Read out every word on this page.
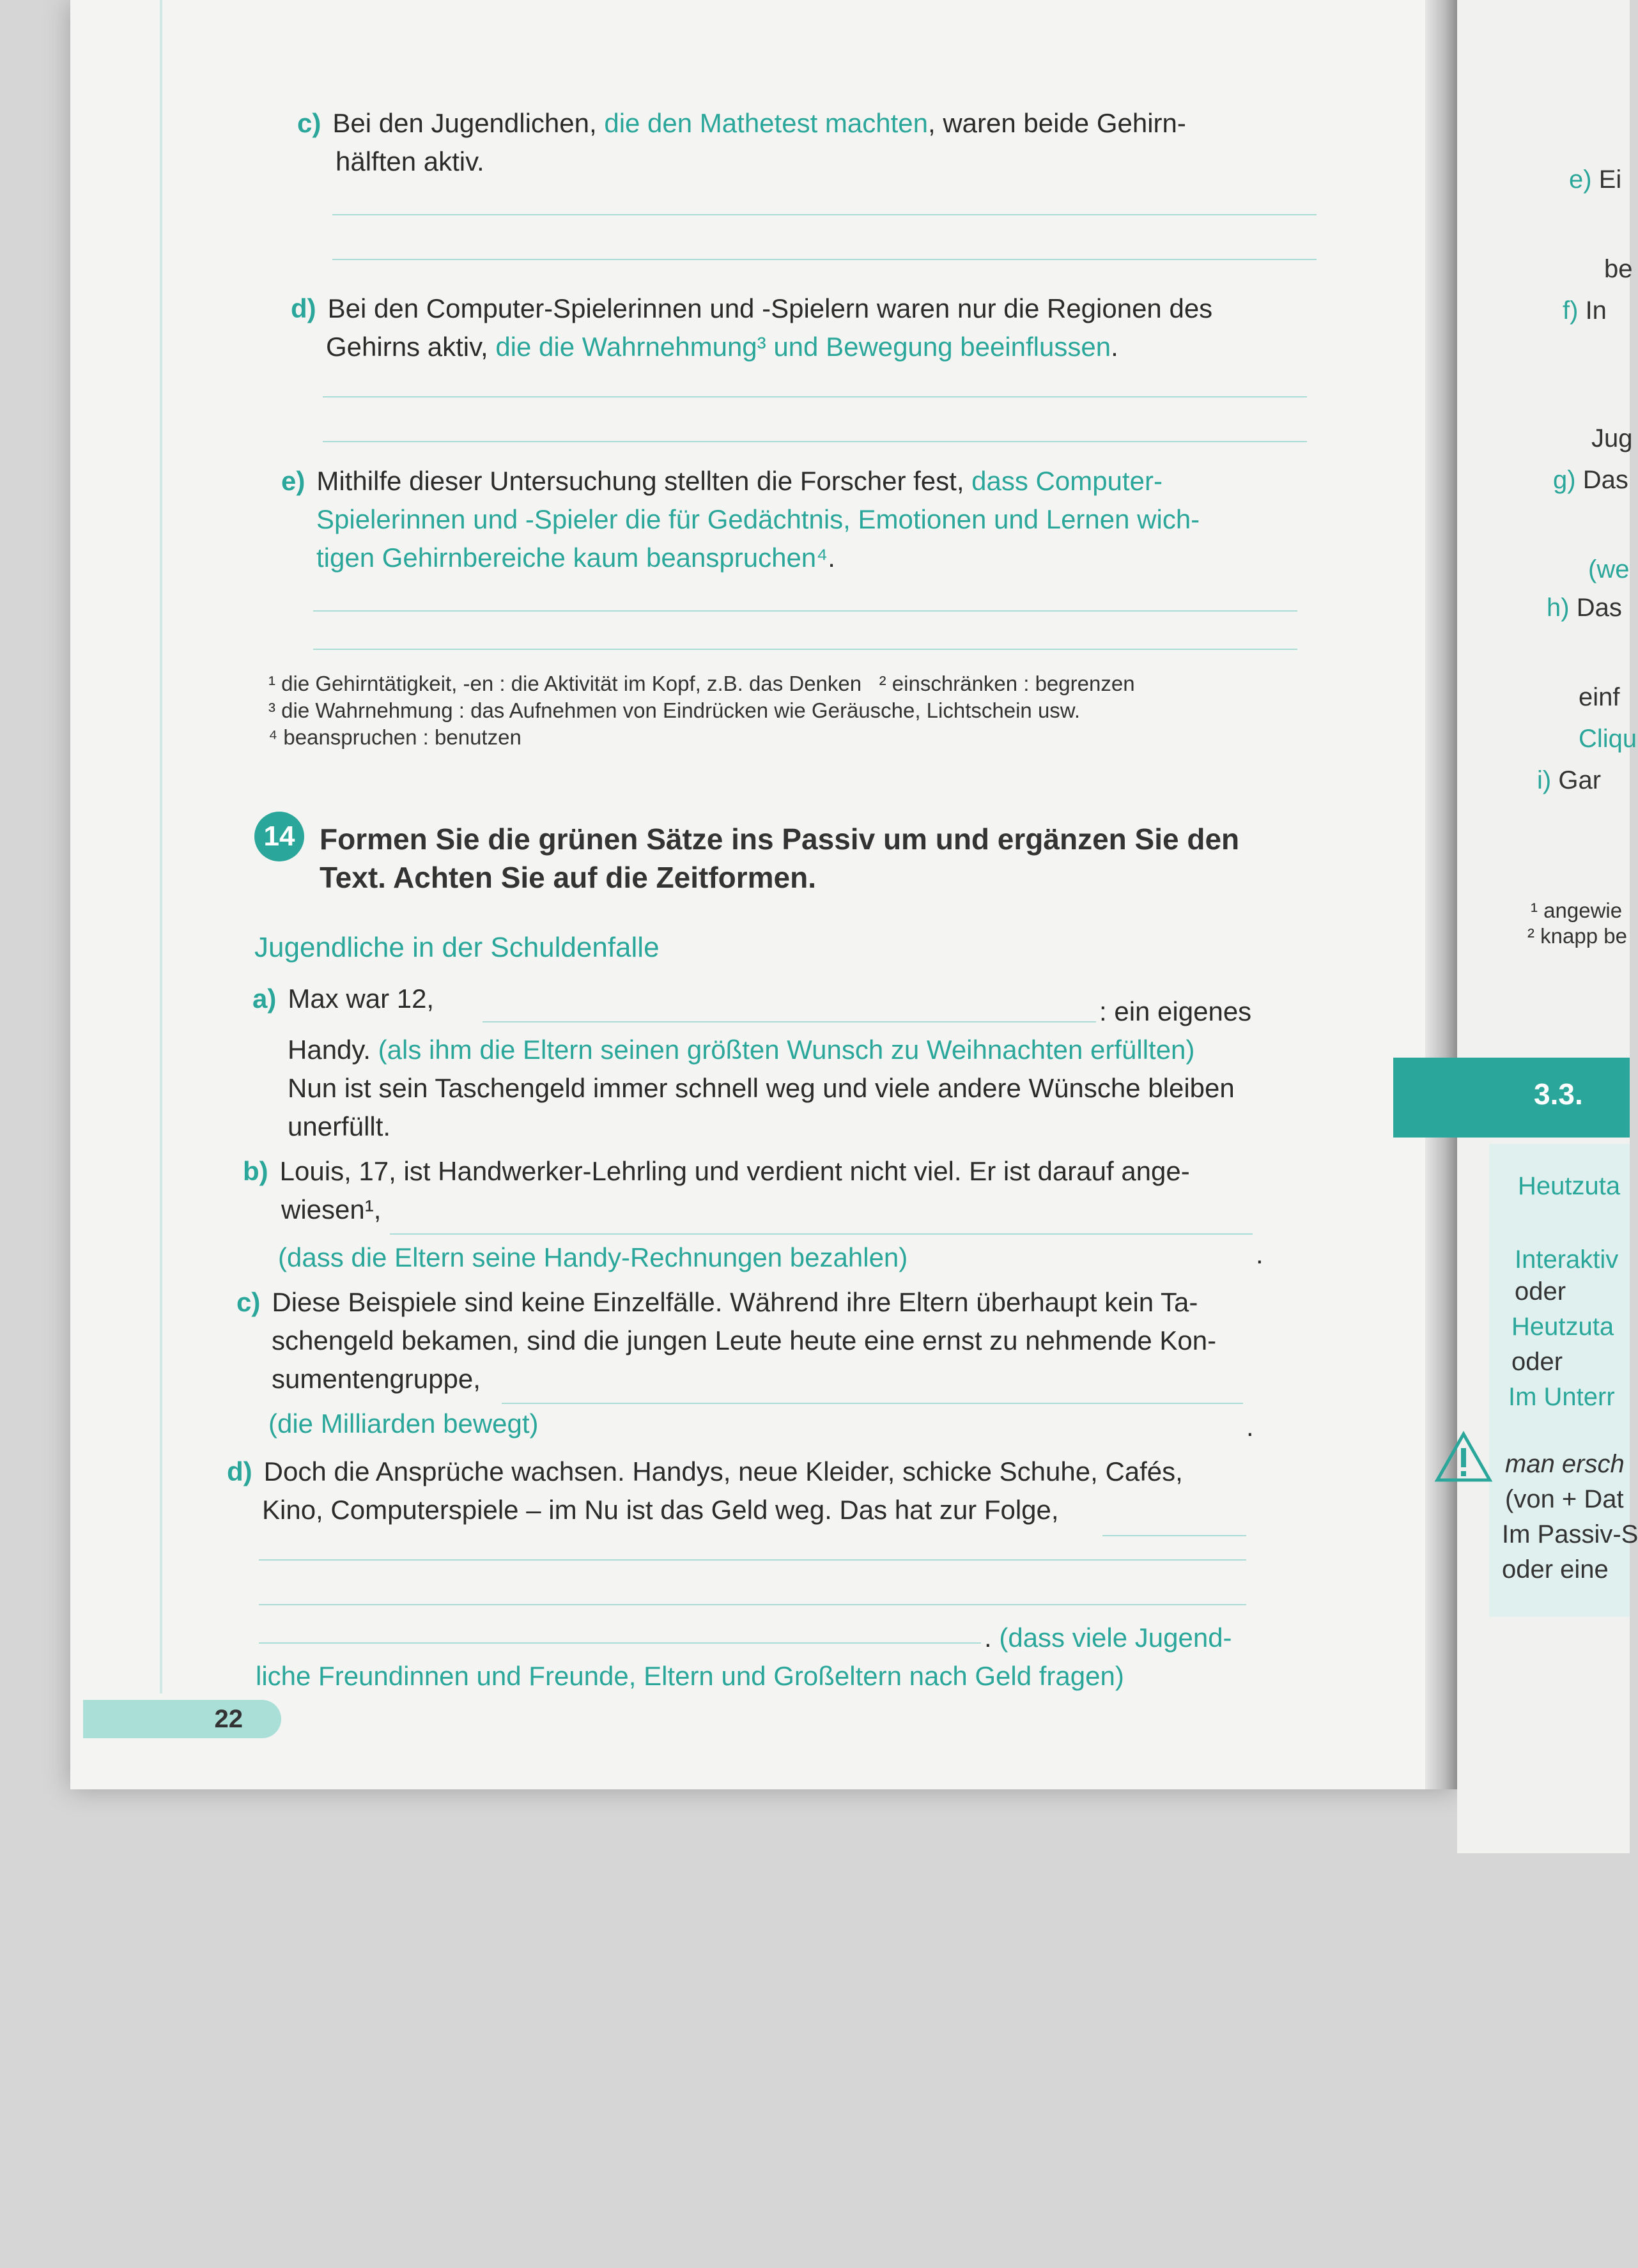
c) Bei den Jugendlichen, die den Mathetest machten, waren beide Gehirn-
hälften aktiv.
d) Bei den Computer-Spielerinnen und -Spielern waren nur die Regionen des
Gehirns aktiv, die die Wahrnehmung³ und Bewegung beeinflussen.
e) Mithilfe dieser Untersuchung stellten die Forscher fest, dass Computer-
Spielerinnen und -Spieler die für Gedächtnis, Emotionen und Lernen wich-
tigen Gehirnbereiche kaum beanspruchen⁴.
¹ die Gehirntätigkeit, -en : die Aktivität im Kopf, z.B. das Denken ² einschränken : begrenzen
³ die Wahrnehmung : das Aufnehmen von Eindrücken wie Geräusche, Lichtschein usw.
⁴ beanspruchen : benutzen
14 Formen Sie die grünen Sätze ins Passiv um und ergänzen Sie den
Text. Achten Sie auf die Zeitformen.
Jugendliche in der Schuldenfalle
a) Max war 12,	: ein eigenes
Handy. (als ihm die Eltern seinen größten Wunsch zu Weihnachten erfüllten)
Nun ist sein Taschengeld immer schnell weg und viele andere Wünsche bleiben
unerfüllt.
b) Louis, 17, ist Handwerker-Lehrling und verdient nicht viel. Er ist darauf ange-
wiesen¹,
.
(dass die Eltern seine Handy-Rechnungen bezahlen)
c) Diese Beispiele sind keine Einzelfälle. Während ihre Eltern überhaupt kein Ta-
schengeld bekamen, sind die jungen Leute heute eine ernst zu nehmende Kon-
sumentengruppe,
.
(die Milliarden bewegt)
d) Doch die Ansprüche wachsen. Handys, neue Kleider, schicke Schuhe, Cafés,
Kino, Computerspiele – im Nu ist das Geld weg. Das hat zur Folge,
. (dass viele Jugend-
liche Freundinnen und Freunde, Eltern und Großeltern nach Geld fragen)
22
e) Ei
be
f) In
Jug
g) Das
(we
h) Das
einf
Cliqu
i) Gar
¹ angewie
² knapp be
3.3.
Heutzuta
Interaktiv
oder
Heutzuta
oder
Im Unterr
man ersch
(von + Dat
Im Passiv-S
oder eine
